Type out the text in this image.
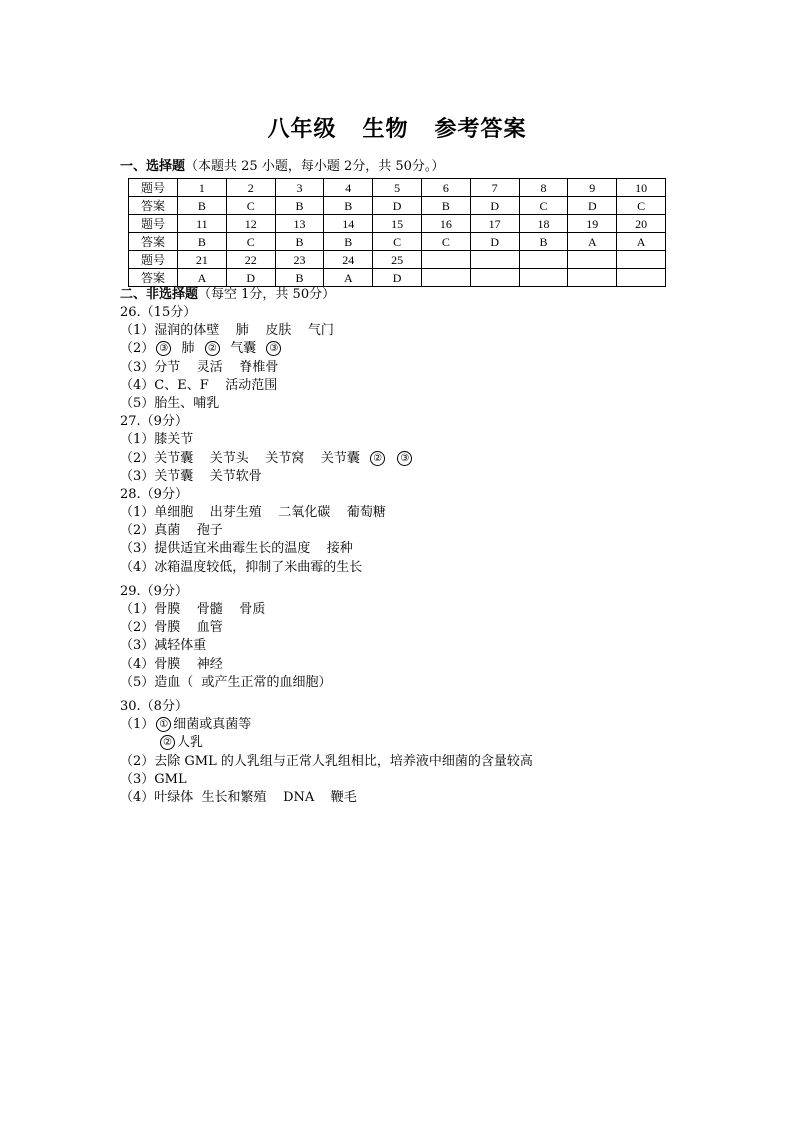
八年级   生物   参考答案
一、选择题（本题共 25 小题，每小题 2分，共 50分。）
题号	1	2	3	4	5	6	7	8	9	10
答案	B	C	B	B	D	B	D	C	D	C
题号	11	12	13	14	15	16	17	18	19	20
答案	B	C	B	B	C	C	D	B	A	A
题号	21	22	23	24	25					
答案	A	D	B	A	D					
二、非选择题（每空 1分，共 50分）
26.（15分）
（1）湿润的体壁    肺    皮肤    气门
（2） ③  肺  ②  气囊  ③
（3）分节    灵活    脊椎骨
（4）C、E、F    活动范围
（5）胎生、哺乳
27.（9分）
（1）膝关节
（2）关节囊    关节头    关节窝    关节囊  ② ③
（3）关节囊    关节软骨
28.（9分）
（1）单细胞    出芽生殖    二氧化碳    葡萄糖
（2）真菌    孢子
（3）提供适宜米曲霉生长的温度    接种
（4）冰箱温度较低，抑制了米曲霉的生长
29.（9分）
（1）骨膜    骨髓    骨质
（2）骨膜    血管
（3）减轻体重
（4）骨膜    神经
（5）造血（  或产生正常的血细胞）
30.（8分）
（1） ① 细菌或真菌等
② 人乳
（2）去除 GML 的人乳组与正常人乳组相比，培养液中细菌的含量较高
（3）GML
（4）叶绿体  生长和繁殖    DNA    鞭毛
